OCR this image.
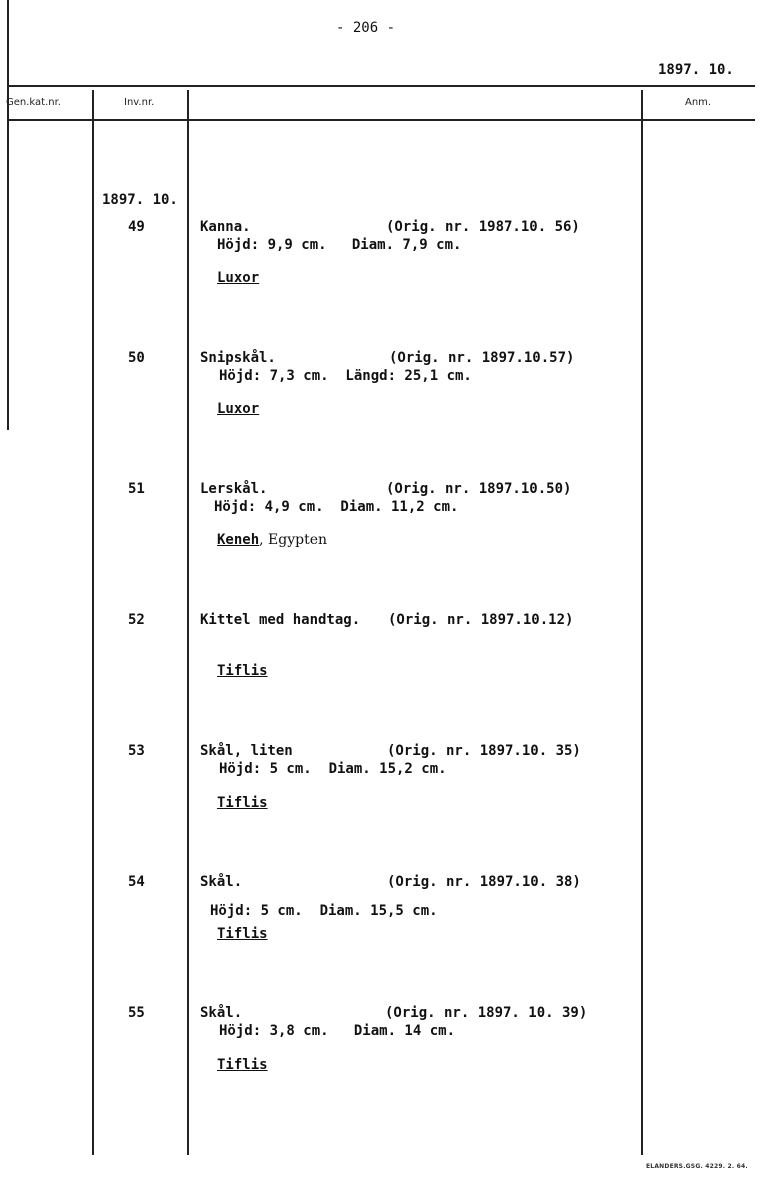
- 206 -
1897. 10.
Gen.kat.nr.	Inv.nr.	Anm.
1897. 10.
49	Kanna.	(Orig. nr. 1987.10. 56)
Höjd: 9,9 cm.   Diam. 7,9 cm.
Luxor
50	Snipskål.	(Orig. nr. 1897.10.57)
Höjd: 7,3 cm.  Längd: 25,1 cm.
Luxor
51	Lerskål.	(Orig. nr. 1897.10.50)
Höjd: 4,9 cm.  Diam. 11,2 cm.
Keneh, Egypten
52	Kittel med handtag. (Orig. nr. 1897.10.12)
Tiflis
53	Skål, liten	(Orig. nr. 1897.10. 35)
Höjd: 5 cm.  Diam. 15,2 cm.
Tiflis
54	Skål.	(Orig. nr. 1897.10. 38)
Höjd: 5 cm.  Diam. 15,5 cm.
Tiflis
55	Skål.	(Orig. nr. 1897. 10. 39)
Höjd: 3,8 cm.   Diam. 14 cm.
Tiflis
ELANDERS.GSG. 4229. 2. 64.
